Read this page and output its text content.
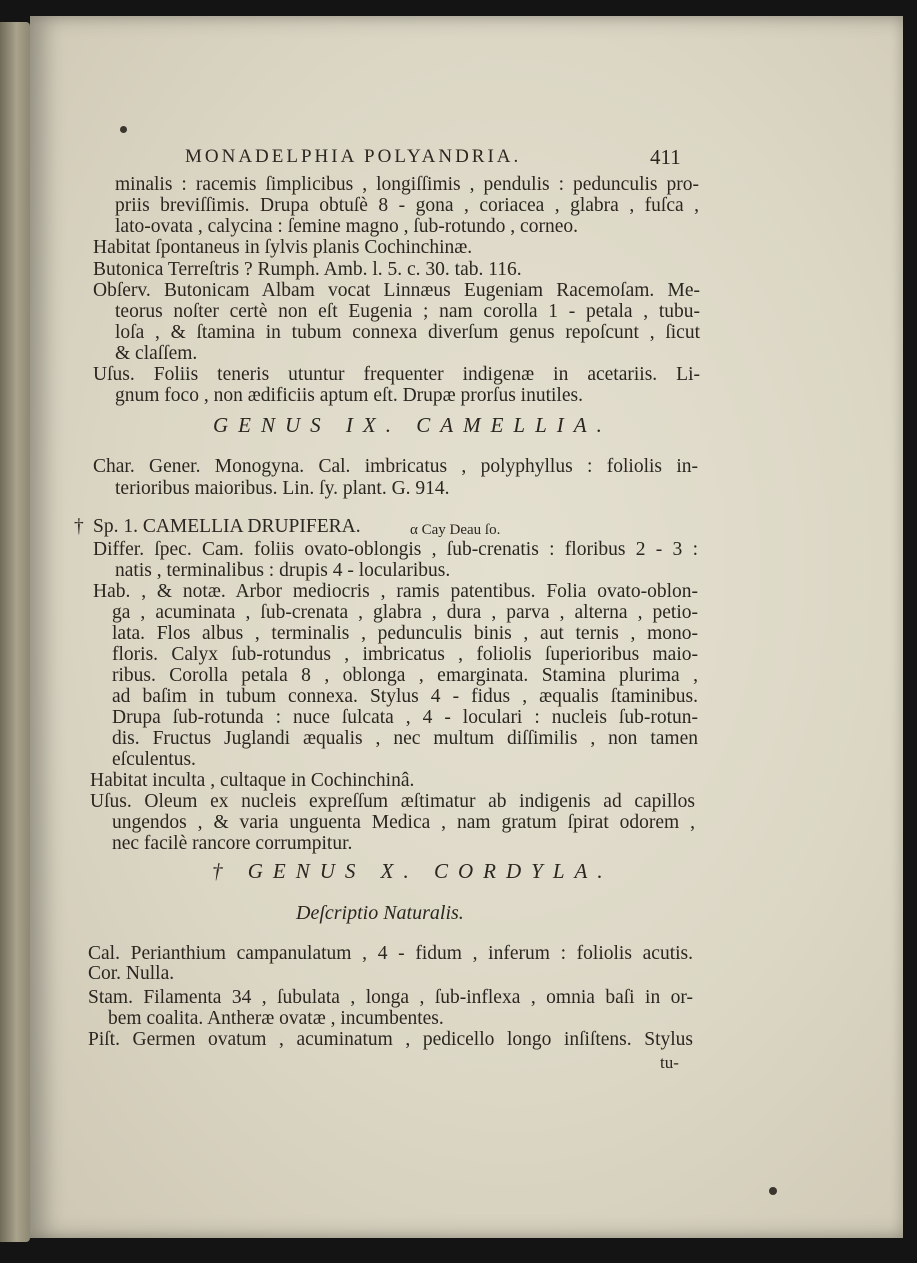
MONADELPHIA POLYANDRIA.	411
minalis : racemis ſimplicibus , longiſſimis , pendulis : pedunculis pro-
priis breviſſimis. Drupa obtuſè 8 - gona , coriacea , glabra , fuſca ,
lato-ovata , calycina : ſemine magno , ſub-rotundo , corneo.
Habitat ſpontaneus in ſylvis planis Cochinchinæ.
Butonica Terreſtris ? Rumph. Amb. l. 5. c. 30. tab. 116.
Obſerv. Butonicam Albam vocat Linnæus Eugeniam Racemoſam. Me-
teorus noſter certè non eſt Eugenia ; nam corolla 1 - petala , tubu-
loſa , & ſtamina in tubum connexa diverſum genus repoſcunt , ſicut
& claſſem.
Uſus. Foliis teneris utuntur frequenter indigenæ in acetariis. Li-
gnum foco , non ædificiis aptum eſt. Drupæ prorſus inutiles.
GENUS IX. CAMELLIA.
Char. Gener. Monogyna. Cal. imbricatus , polyphyllus : foliolis in-
terioribus maioribus. Lin. ſy. plant. G. 914.
† Sp. 1. CAMELLIA DRUPIFERA.	α Cay Deau ſo.
Differ. ſpec. Cam. foliis ovato-oblongis , ſub-crenatis : floribus 2 - 3 :
natis , terminalibus : drupis 4 - locularibus.
Hab. , & notæ. Arbor mediocris , ramis patentibus. Folia ovato-oblon-
ga , acuminata , ſub-crenata , glabra , dura , parva , alterna , petio-
lata. Flos albus , terminalis , pedunculis binis , aut ternis , mono-
floris. Calyx ſub-rotundus , imbricatus , foliolis ſuperioribus maio-
ribus. Corolla petala 8 , oblonga , emarginata. Stamina plurima ,
ad baſim in tubum connexa. Stylus 4 - fidus , æqualis ſtaminibus.
Drupa ſub-rotunda : nuce ſulcata , 4 - loculari : nucleis ſub-rotun-
dis. Fructus Juglandi æqualis , nec multum diſſimilis , non tamen
eſculentus.
Habitat inculta , cultaque in Cochinchinâ.
Uſus. Oleum ex nucleis expreſſum æſtimatur ab indigenis ad capillos
ungendos , & varia unguenta Medica , nam gratum ſpirat odorem ,
nec facilè rancore corrumpitur.
† GENUS X. CORDYLA.
Deſcriptio Naturalis.
Cal. Perianthium campanulatum , 4 - fidum , inferum : foliolis acutis.
Cor. Nulla.
Stam. Filamenta 34 , ſubulata , longa , ſub-inflexa , omnia baſi in or-
bem coalita. Antheræ ovatæ , incumbentes.
Piſt. Germen ovatum , acuminatum , pedicello longo inſiſtens. Stylus
tu-
